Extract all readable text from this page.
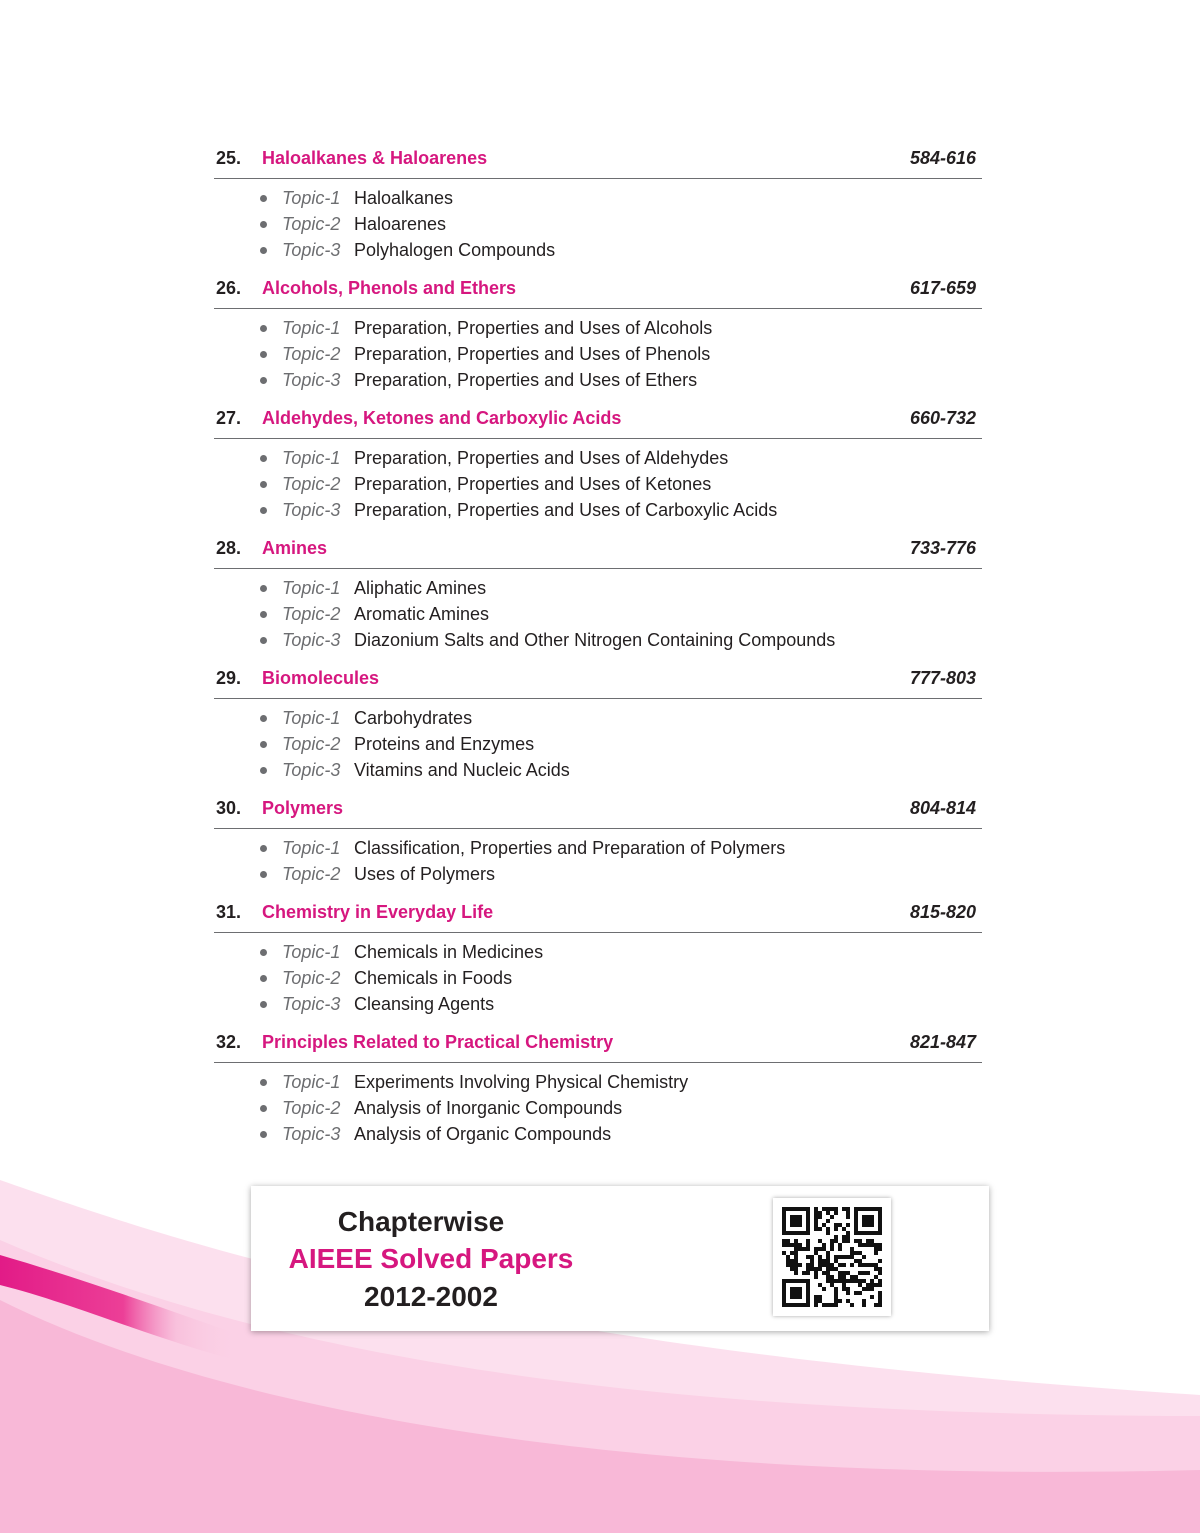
25.	Haloalkanes & Haloarenes	584-616
Topic-1 Haloalkanes
Topic-2 Haloarenes
Topic-3 Polyhalogen Compounds
26.	Alcohols, Phenols and Ethers	617-659
Topic-1 Preparation, Properties and Uses of Alcohols
Topic-2 Preparation, Properties and Uses of Phenols
Topic-3 Preparation, Properties and Uses of Ethers
27.	Aldehydes, Ketones and Carboxylic Acids	660-732
Topic-1 Preparation, Properties and Uses of Aldehydes
Topic-2 Preparation, Properties and Uses of Ketones
Topic-3 Preparation, Properties and Uses of Carboxylic Acids
28.	Amines	733-776
Topic-1 Aliphatic Amines
Topic-2 Aromatic Amines
Topic-3 Diazonium Salts and Other Nitrogen Containing Compounds
29.	Biomolecules	777-803
Topic-1 Carbohydrates
Topic-2 Proteins and Enzymes
Topic-3 Vitamins and Nucleic Acids
30.	Polymers	804-814
Topic-1 Classification, Properties and Preparation of Polymers
Topic-2 Uses of Polymers
31.	Chemistry in Everyday Life	815-820
Topic-1 Chemicals in Medicines
Topic-2 Chemicals in Foods
Topic-3 Cleansing Agents
32.	Principles Related to Practical Chemistry	821-847
Topic-1 Experiments Involving Physical Chemistry
Topic-2 Analysis of Inorganic Compounds
Topic-3 Analysis of Organic Compounds
Chapterwise
AIEEE Solved Papers
2012-2002
